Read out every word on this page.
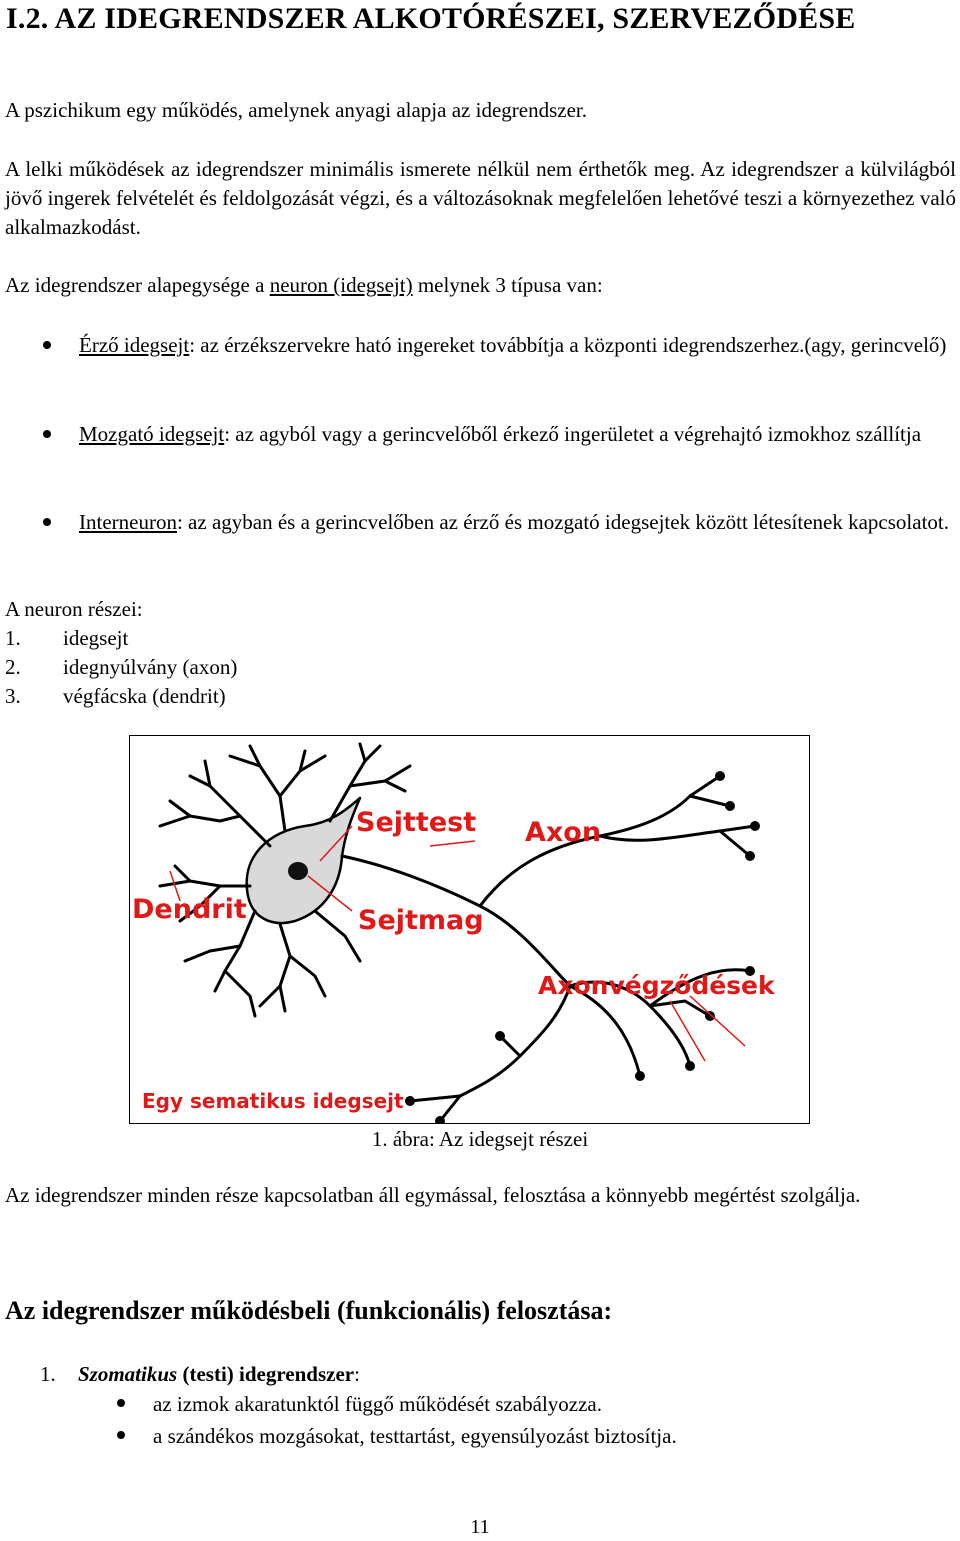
I.2. AZ IDEGRENDSZER ALKOTÓRÉSZEI, SZERVEZŐDÉSE
A pszichikum egy működés, amelynek anyagi alapja az idegrendszer.
A lelki működések az idegrendszer minimális ismerete nélkül nem érthetők meg. Az idegrendszer a külvilágból jövő ingerek felvételét és feldolgozását végzi, és a változásoknak megfelelően lehetővé teszi a környezethez való alkalmazkodást.
Az idegrendszer alapegysége a neuron (idegsejt) melynek 3 típusa van:
Érző idegsejt: az érzékszervekre ható ingereket továbbítja a központi idegrendszerhez.(agy, gerincvelő)
Mozgató idegsejt: az agyból vagy a gerincvelőből érkező ingerületet a végrehajtó izmokhoz szállítja
Interneuron: az agyban és a gerincvelőben az érző és mozgató idegsejtek között létesítenek kapcsolatot.
A neuron részei:
1. idegsejt
2. idegnyúlvány (axon)
3. végfácska (dendrit)
Sejttest Axon
Dendrit	Sejtmag
Axonvégződések
Egy sematikus idegsejt
1. ábra: Az idegsejt részei
Az idegrendszer minden része kapcsolatban áll egymással, felosztása a könnyebb megértést szolgálja.
Az idegrendszer működésbeli (funkcionális) felosztása:
1. Szomatikus (testi) idegrendszer:
az izmok akaratunktól függő működését szabályozza.
a szándékos mozgásokat, testtartást, egyensúlyozást biztosítja.
11
